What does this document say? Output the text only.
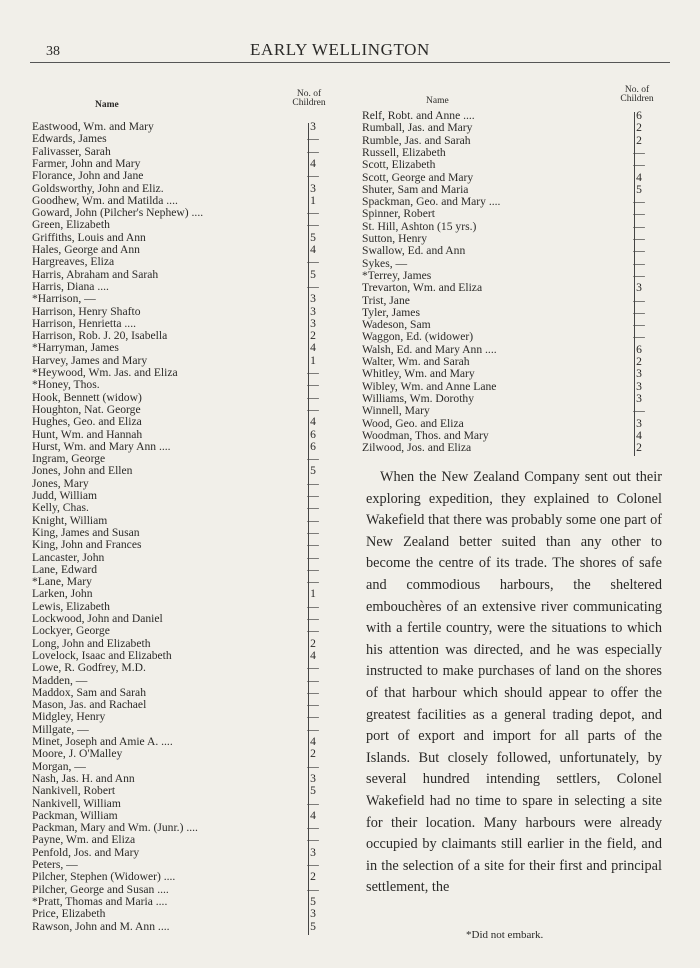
38	EARLY WELLINGTON
Name
No. of
Children
Eastwood, Wm. and Mary	3
Edwards, James	—
Falivasser, Sarah	—
Farmer, John and Mary	4
Florance, John and Jane	—
Goldsworthy, John and Eliz.	3
Goodhew, Wm. and Matilda ....	1
Goward, John (Pilcher's Nephew) ....	—
Green, Elizabeth	—
Griffiths, Louis and Ann	5
Hales, George and Ann	4
Hargreaves, Eliza	—
Harris, Abraham and Sarah	5
Harris, Diana ....	—
*Harrison, —	3
Harrison, Henry Shafto	3
Harrison, Henrietta ....	3
Harrison, Rob. J. 20, Isabella	2
*Harryman, James	4
Harvey, James and Mary	1
*Heywood, Wm. Jas. and Eliza	—
*Honey, Thos.	—
Hook, Bennett (widow)	—
Houghton, Nat. George	—
Hughes, Geo. and Eliza	4
Hunt, Wm. and Hannah	6
Hurst, Wm. and Mary Ann ....	6
Ingram, George	—
Jones, John and Ellen	5
Jones, Mary	—
Judd, William	—
Kelly, Chas.	—
Knight, William	—
King, James and Susan	—
King, John and Frances	—
Lancaster, John	—
Lane, Edward	—
*Lane, Mary	—
Larken, John	1
Lewis, Elizabeth	—
Lockwood, John and Daniel	—
Lockyer, George	—
Long, John and Elizabeth	2
Lovelock, Isaac and Elizabeth	4
Lowe, R. Godfrey, M.D.	—
Madden, —	—
Maddox, Sam and Sarah	—
Mason, Jas. and Rachael	—
Midgley, Henry	—
Millgate, —	—
Minet, Joseph and Amie A. ....	4
Moore, J. O'Malley	2
Morgan, —	—
Nash, Jas. H. and Ann	3
Nankivell, Robert	5
Nankivell, William	—
Packman, William	4
Packman, Mary and Wm. (Junr.) ....	—
Payne, Wm. and Eliza	—
Penfold, Jos. and Mary	3
Peters, —	—
Pilcher, Stephen (Widower) ....	2
Pilcher, George and Susan ....	—
*Pratt, Thomas and Maria ....	5
Price, Elizabeth	3
Rawson, John and M. Ann ....	5
Name
No. of
Children
Relf, Robt. and Anne ....	6
Rumball, Jas. and Mary	2
Rumble, Jas. and Sarah	2
Russell, Elizabeth	—
Scott, Elizabeth	—
Scott, George and Mary	4
Shuter, Sam and Maria	5
Spackman, Geo. and Mary ....	—
Spinner, Robert	—
St. Hill, Ashton (15 yrs.)	—
Sutton, Henry	—
Swallow, Ed. and Ann	—
Sykes, —	—
*Terrey, James	—
Trevarton, Wm. and Eliza	3
Trist, Jane	—
Tyler, James	—
Wadeson, Sam	—
Waggon, Ed. (widower)	—
Walsh, Ed. and Mary Ann ....	6
Walter, Wm. and Sarah	2
Whitley, Wm. and Mary	3
Wibley, Wm. and Anne Lane	3
Williams, Wm. Dorothy	3
Winnell, Mary	—
Wood, Geo. and Eliza	3
Woodman, Thos. and Mary	4
Zilwood, Jos. and Eliza	2

When the New Zealand Company sent out their exploring expedition, they explained to Colonel Wakefield that there was probably some one part of New Zealand better suited than any other to become the centre of its trade. The shores of safe and commodious harbours, the sheltered embouchères of an extensive river communicating with a fertile country, were the situations to which his attention was directed, and he was especially instructed to make purchases of land on the shores of that harbour which should appear to offer the greatest facilities as a general trading depot, and port of export and import for all parts of the Islands. But closely followed, unfortunately, by several hundred intending settlers, Colonel Wakefield had no time to spare in selecting a site for their location. Many harbours were already occupied by claimants still earlier in the field, and in the selection of a site for their first and principal settlement, the

*Did not embark.
